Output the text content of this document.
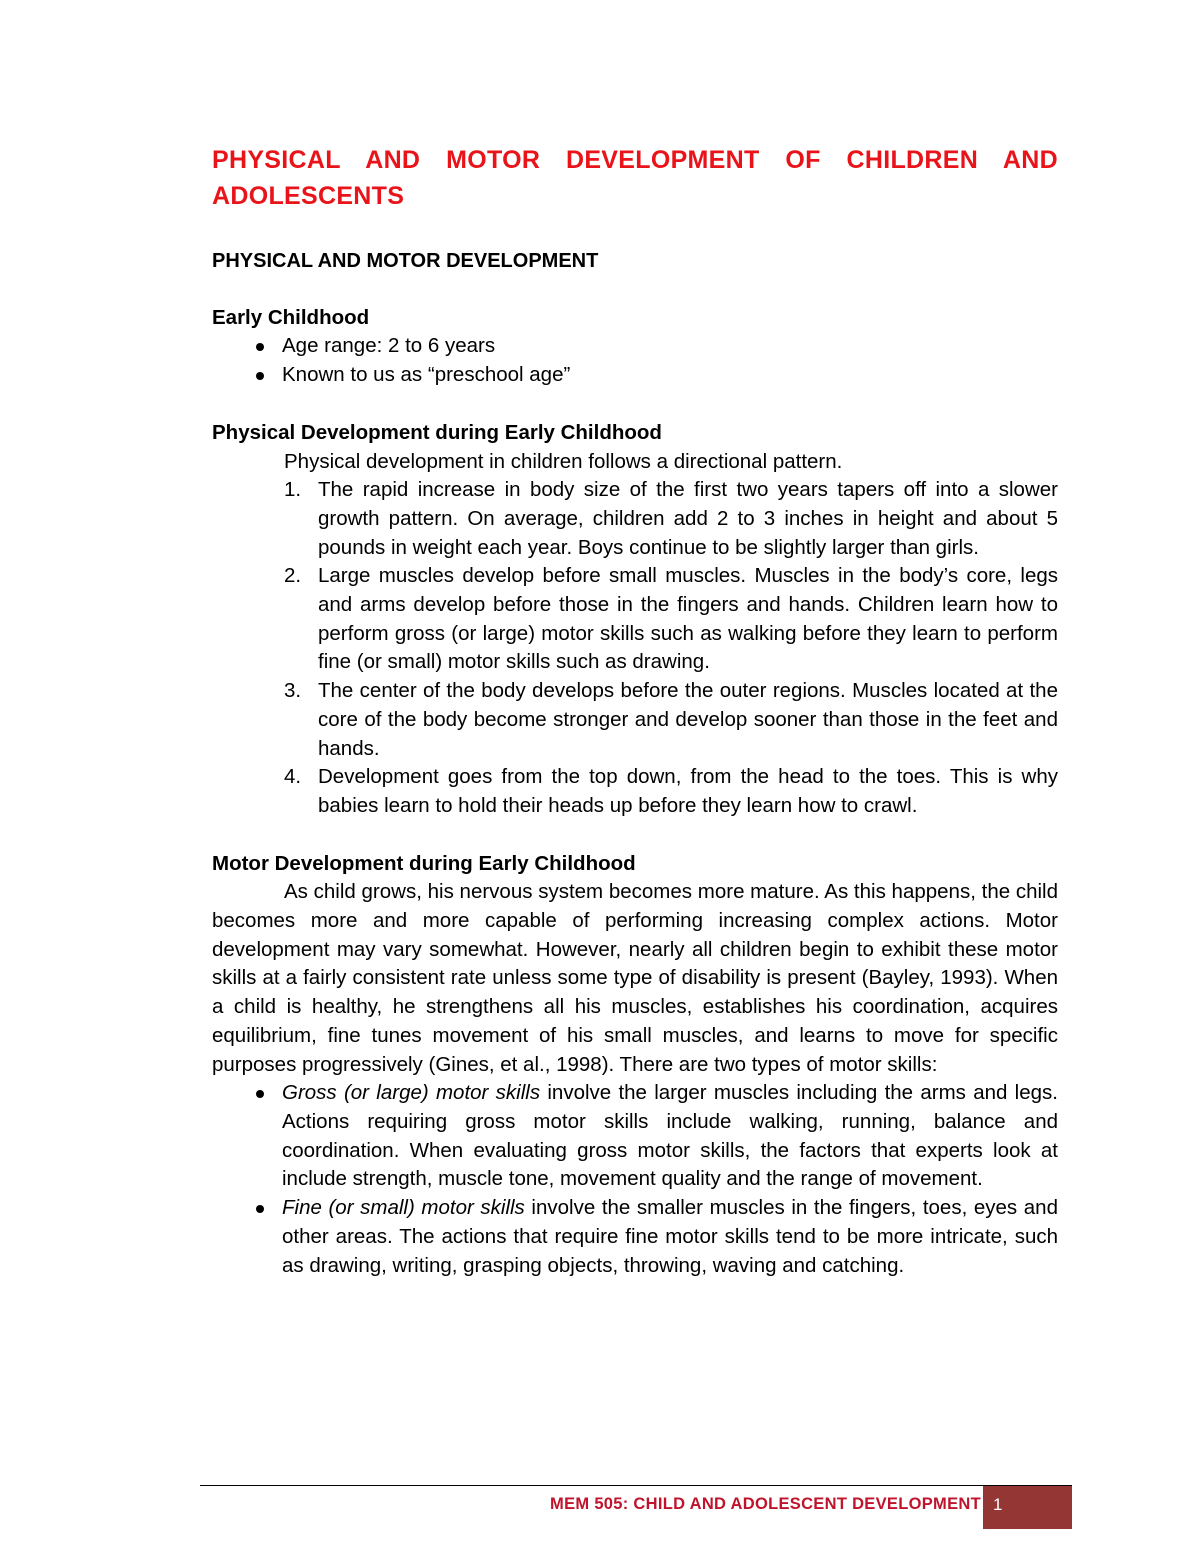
PHYSICAL AND MOTOR DEVELOPMENT OF CHILDREN AND ADOLESCENTS
PHYSICAL AND MOTOR DEVELOPMENT
Early Childhood
Age range: 2 to 6 years
Known to us as “preschool age”
Physical Development during Early Childhood

Physical development in children follows a directional pattern.

1. The rapid increase in body size of the first two years tapers off into a slower growth pattern. On average, children add 2 to 3 inches in height and about 5 pounds in weight each year. Boys continue to be slightly larger than girls.
2. Large muscles develop before small muscles. Muscles in the body’s core, legs and arms develop before those in the fingers and hands. Children learn how to perform gross (or large) motor skills such as walking before they learn to perform fine (or small) motor skills such as drawing.
3. The center of the body develops before the outer regions. Muscles located at the core of the body become stronger and develop sooner than those in the feet and hands.
4. Development goes from the top down, from the head to the toes. This is why babies learn to hold their heads up before they learn how to crawl.
Motor Development during Early Childhood

As child grows, his nervous system becomes more mature. As this happens, the child becomes more and more capable of performing increasing complex actions. Motor development may vary somewhat. However, nearly all children begin to exhibit these motor skills at a fairly consistent rate unless some type of disability is present (Bayley, 1993). When a child is healthy, he strengthens all his muscles, establishes his coordination, acquires equilibrium, fine tunes movement of his small muscles, and learns to move for specific purposes progressively (Gines, et al., 1998). There are two types of motor skills:

Gross (or large) motor skills involve the larger muscles including the arms and legs. Actions requiring gross motor skills include walking, running, balance and coordination. When evaluating gross motor skills, the factors that experts look at include strength, muscle tone, movement quality and the range of movement.
Fine (or small) motor skills involve the smaller muscles in the fingers, toes, eyes and other areas. The actions that require fine motor skills tend to be more intricate, such as drawing, writing, grasping objects, throwing, waving and catching.
MEM 505: CHILD AND ADOLESCENT DEVELOPMENT 1
